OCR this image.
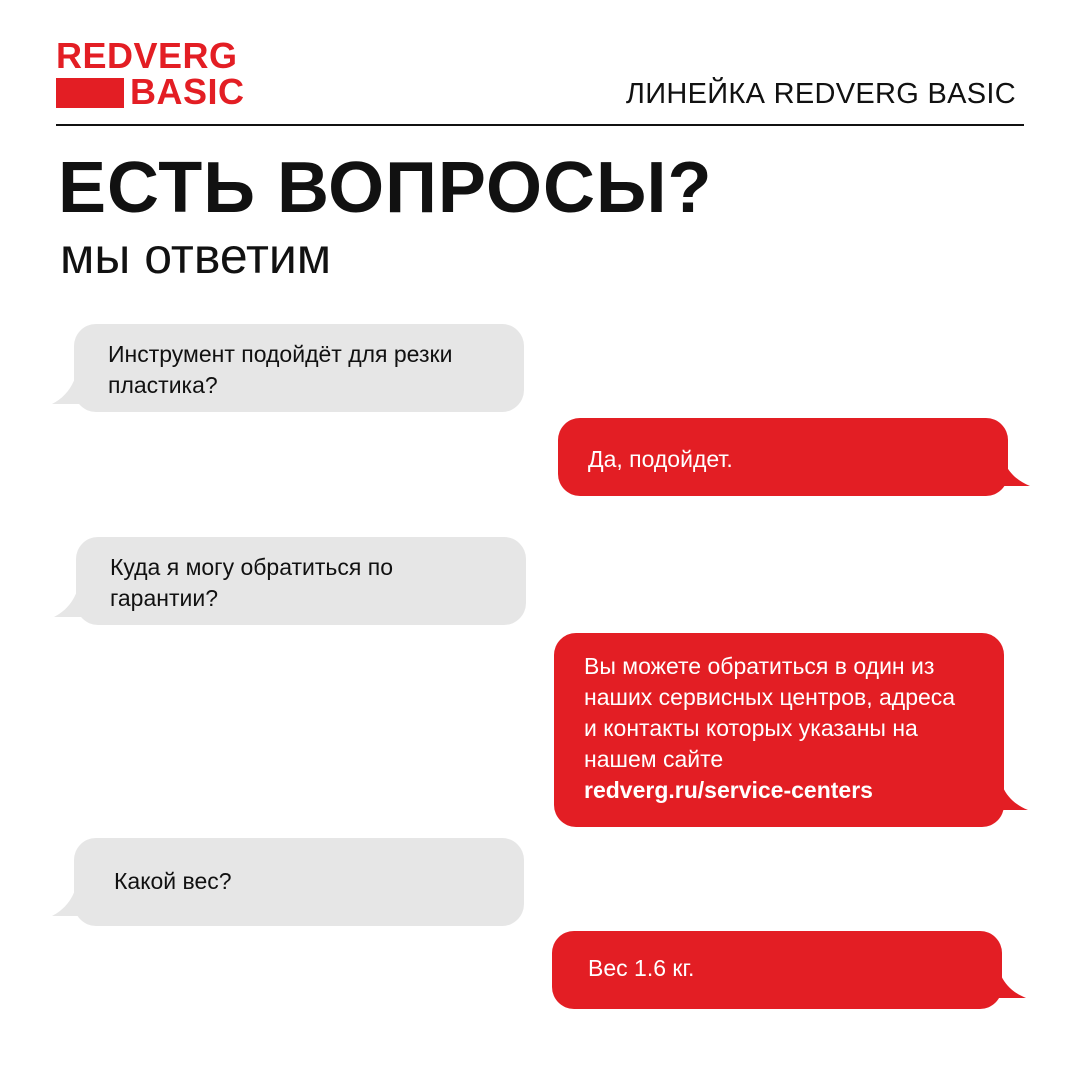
REDVERG
BASIC	ЛИНЕЙКА REDVERG BASIC
ЕСТЬ ВОПРОСЫ?
мы ответим
Инструмент подойдёт для резки пластика?
Да, подойдет.
Куда я могу обратиться по гарантии?
Вы можете обратиться в один из наших сервисных центров, адреса и контакты которых указаны на нашем сайте
redverg.ru/service-centers
Какой вес?
Вес 1.6 кг.
